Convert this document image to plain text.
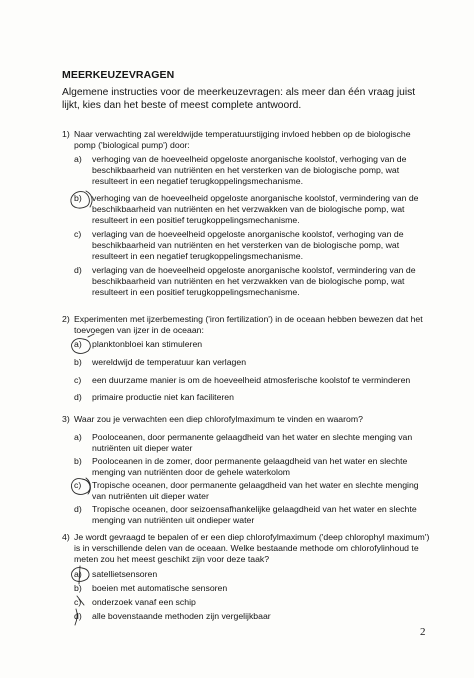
MEERKEUZEVRAGEN
Algemene instructies voor de meerkeuzevragen: als meer dan één vraag juist lijkt, kies dan het beste of meest complete antwoord.
1) Naar verwachting zal wereldwijde temperatuurstijging invloed hebben op de biologische pomp ('biological pump') door:
a)	verhoging van de hoeveelheid opgeloste anorganische koolstof, verhoging van de beschikbaarheid van nutriënten en het versterken van de biologische pomp, wat resulteert in een negatief terugkoppelingsmechanisme.
b)	verhoging van de hoeveelheid opgeloste anorganische koolstof, vermindering van de beschikbaarheid van nutriënten en het verzwakken van de biologische pomp, wat resulteert in een positief terugkoppelingsmechanisme.
c)	verlaging van de hoeveelheid opgeloste anorganische koolstof, verhoging van de beschikbaarheid van nutriënten en het versterken van de biologische pomp, wat resulteert in een negatief terugkoppelingsmechanisme.
d)	verlaging van de hoeveelheid opgeloste anorganische koolstof, vermindering van de beschikbaarheid van nutriënten en het verzwakken van de biologische pomp, wat resulteert in een positief terugkoppelingsmechanisme.
2) Experimenten met ijzerbemesting ('iron fertilization') in de oceaan hebben bewezen dat het toevoegen van ijzer in de oceaan:
a)	planktonbloei kan stimuleren
b)	wereldwijd de temperatuur kan verlagen
c)	een duurzame manier is om de hoeveelheid atmosferische koolstof te verminderen
d)	primaire productie niet kan faciliteren
3) Waar zou je verwachten een diep chlorofylmaximum te vinden en waarom?
a)	Pooloceanen, door permanente gelaagdheid van het water en slechte menging van nutriënten uit dieper water
b)	Pooloceanen in de zomer, door permanente gelaagdheid van het water en slechte menging van nutriënten door de gehele waterkolom
c)	Tropische oceanen, door permanente gelaagdheid van het water en slechte menging van nutriënten uit dieper water
d)	Tropische oceanen, door seizoensafhankelijke gelaagdheid van het water en slechte menging van nutriënten uit ondieper water
4) Je wordt gevraagd te bepalen of er een diep chlorofylmaximum ('deep chlorophyl maximum') is in verschillende delen van de oceaan. Welke bestaande methode om chlorofylinhoud te meten zou het meest geschikt zijn voor deze taak?
a)	satellietsensoren
b)	boeien met automatische sensoren
c)	onderzoek vanaf een schip
d)	alle bovenstaande methoden zijn vergelijkbaar
2
